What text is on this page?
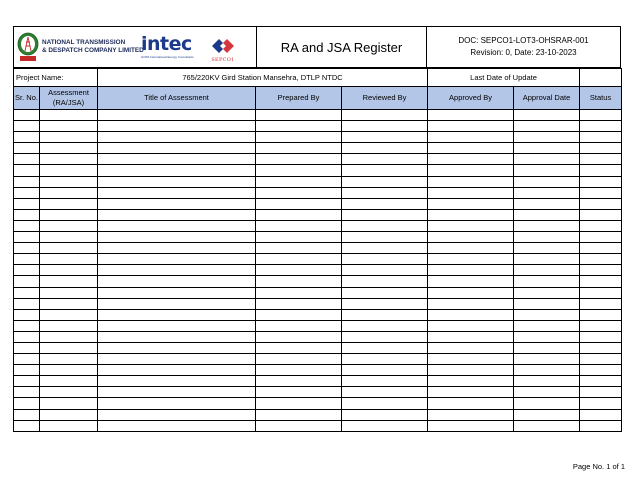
NATIONAL TRANSMISSION
& DESPATCH COMPANY LIMITED
intec
GOPA International Energy Consultants	SEPCO1
RA and JSA Register	DOC: SEPCO1-LOT3-OHSRAR-001
Revision: 0, Date: 23-10-2023
Project Name:		765/220KV Gird Station Mansehra, DTLP NTDC			Last Date of Update		
Sr. No.	Assessment (RA/JSA)	Title of Assessment	Prepared By	Reviewed By	Approved By	Approval Date	Status

Page No. 1 of 1
